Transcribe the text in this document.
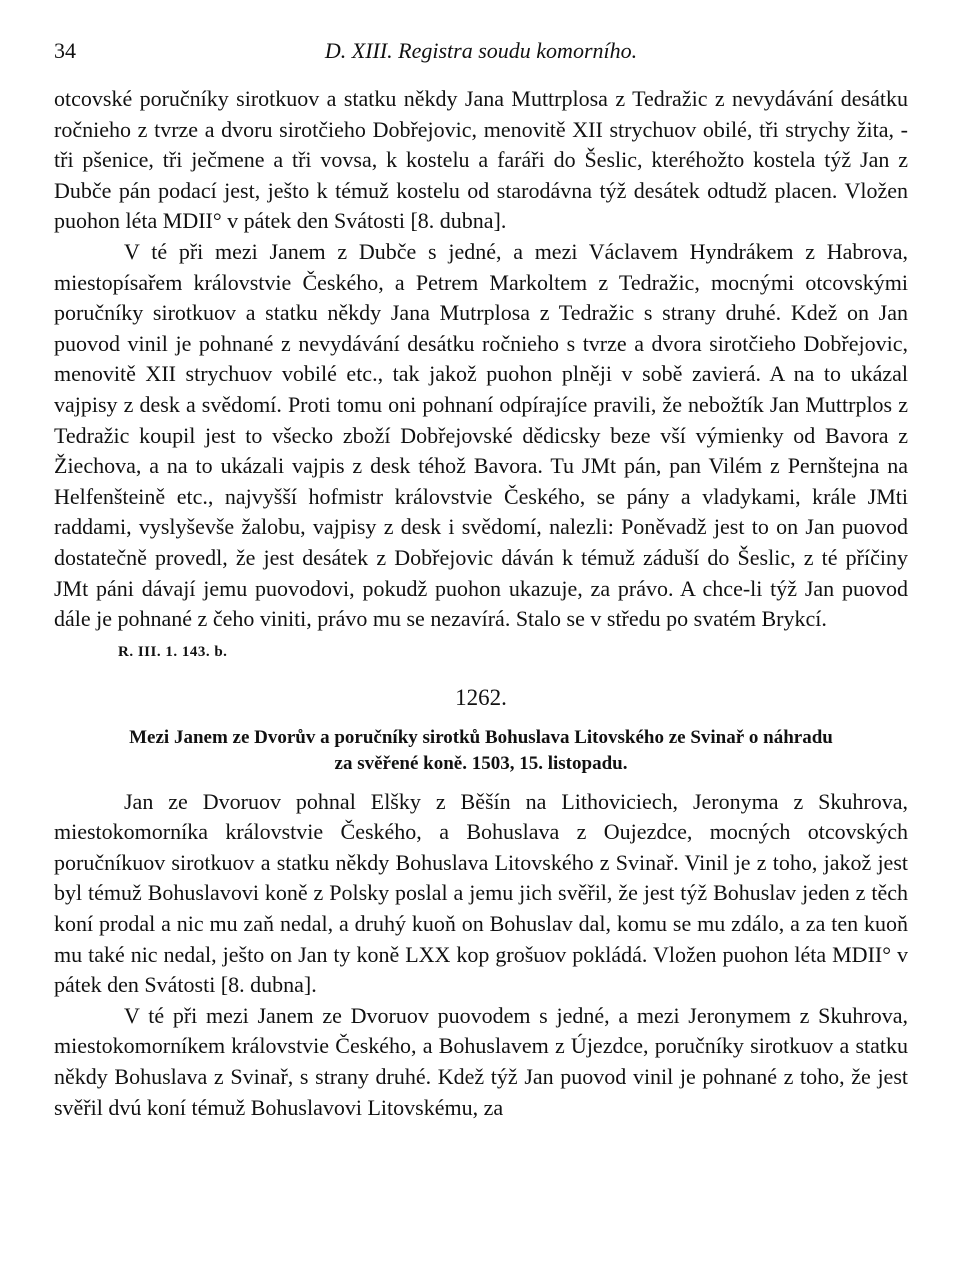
34	D. XIII. Registra soudu komorního.

otcovské poručníky sirotkuov a statku někdy Jana Muttrplosa z Tedražic z nevydávání desátku ročnieho z tvrze a dvoru sirotčieho Dobřejovic, menovitě XII strychuov obilé, tři strychy žita, - tři pšenice, tři ječmene a tři vovsa, k kostelu a faráři do Šeslic, kteréhožto kostela týž Jan z Dubče pán podací jest, ješto k témuž kostelu od starodávna týž desátek odtudž placen. Vložen puohon léta MDII° v pátek den Svátosti [8. dubna].

V té při mezi Janem z Dubče s jedné, a mezi Václavem Hyndrákem z Habrova, miestopísařem královstvie Českého, a Petrem Markoltem z Tedražic, mocnými otcovskými poručníky sirotkuov a statku někdy Jana Mutrplosa z Tedražic s strany druhé. Kdež on Jan puovod vinil je pohnané z nevydávání desátku ročnieho s tvrze a dvora sirotčieho Dobřejovic, menovitě XII strychuov vobilé etc., tak jakož puohon plněji v sobě zavierá. A na to ukázal vajpisy z desk a svědomí. Proti tomu oni pohnaní odpírajíce pravili, že nebožtík Jan Muttrplos z Tedražic koupil jest to všecko zboží Dobřejovské dědicsky beze vší výmienky od Bavora z Žiechova, a na to ukázali vajpis z desk téhož Bavora. Tu JMt pán, pan Vilém z Pernštejna na Helfenšteině etc., najvyšší hofmistr královstvie Českého, se pány a vladykami, krále JMti raddami, vyslyševše žalobu, vajpisy z desk i svědomí, nalezli: Poněvadž jest to on Jan puovod dostatečně provedl, že jest desátek z Dobřejovic dáván k témuž záduší do Šeslic, z té příčiny JMt páni dávají jemu puovodovi, pokudž puohon ukazuje, za právo. A chce-li týž Jan puovod dále je pohnané z čeho viniti, právo mu se nezavírá. Stalo se v středu po svatém Brykcí.

R. III. 1. 143. b.
1262.
Mezi Janem ze Dvorův a poručníky sirotků Bohuslava Litovského ze Svinař o náhradu
za svěřené koně. 1503, 15. listopadu.

Jan ze Dvoruov pohnal Elšky z Běšín na Lithoviciech, Jeronyma z Skuhrova, miestokomorníka královstvie Českého, a Bohuslava z Oujezdce, mocných otcovských poručníkuov sirotkuov a statku někdy Bohuslava Litovského z Svinař. Vinil je z toho, jakož jest byl témuž Bohuslavovi koně z Polsky poslal a jemu jich svěřil, že jest týž Bohuslav jeden z těch koní prodal a nic mu zaň nedal, a druhý kuoň on Bohuslav dal, komu se mu zdálo, a za ten kuoň mu také nic nedal, ješto on Jan ty koně LXX kop grošuov pokládá. Vložen puohon léta MDII° v pátek den Svátosti [8. dubna].

V té při mezi Janem ze Dvoruov puovodem s jedné, a mezi Jeronymem z Skuhrova, miestokomorníkem královstvie Českého, a Bohuslavem z Újezdce, poručníky sirotkuov a statku někdy Bohuslava z Svinař, s strany druhé. Kdež týž Jan puovod vinil je pohnané z toho, že jest svěřil dvú koní témuž Bohuslavovi Litovskému, za
